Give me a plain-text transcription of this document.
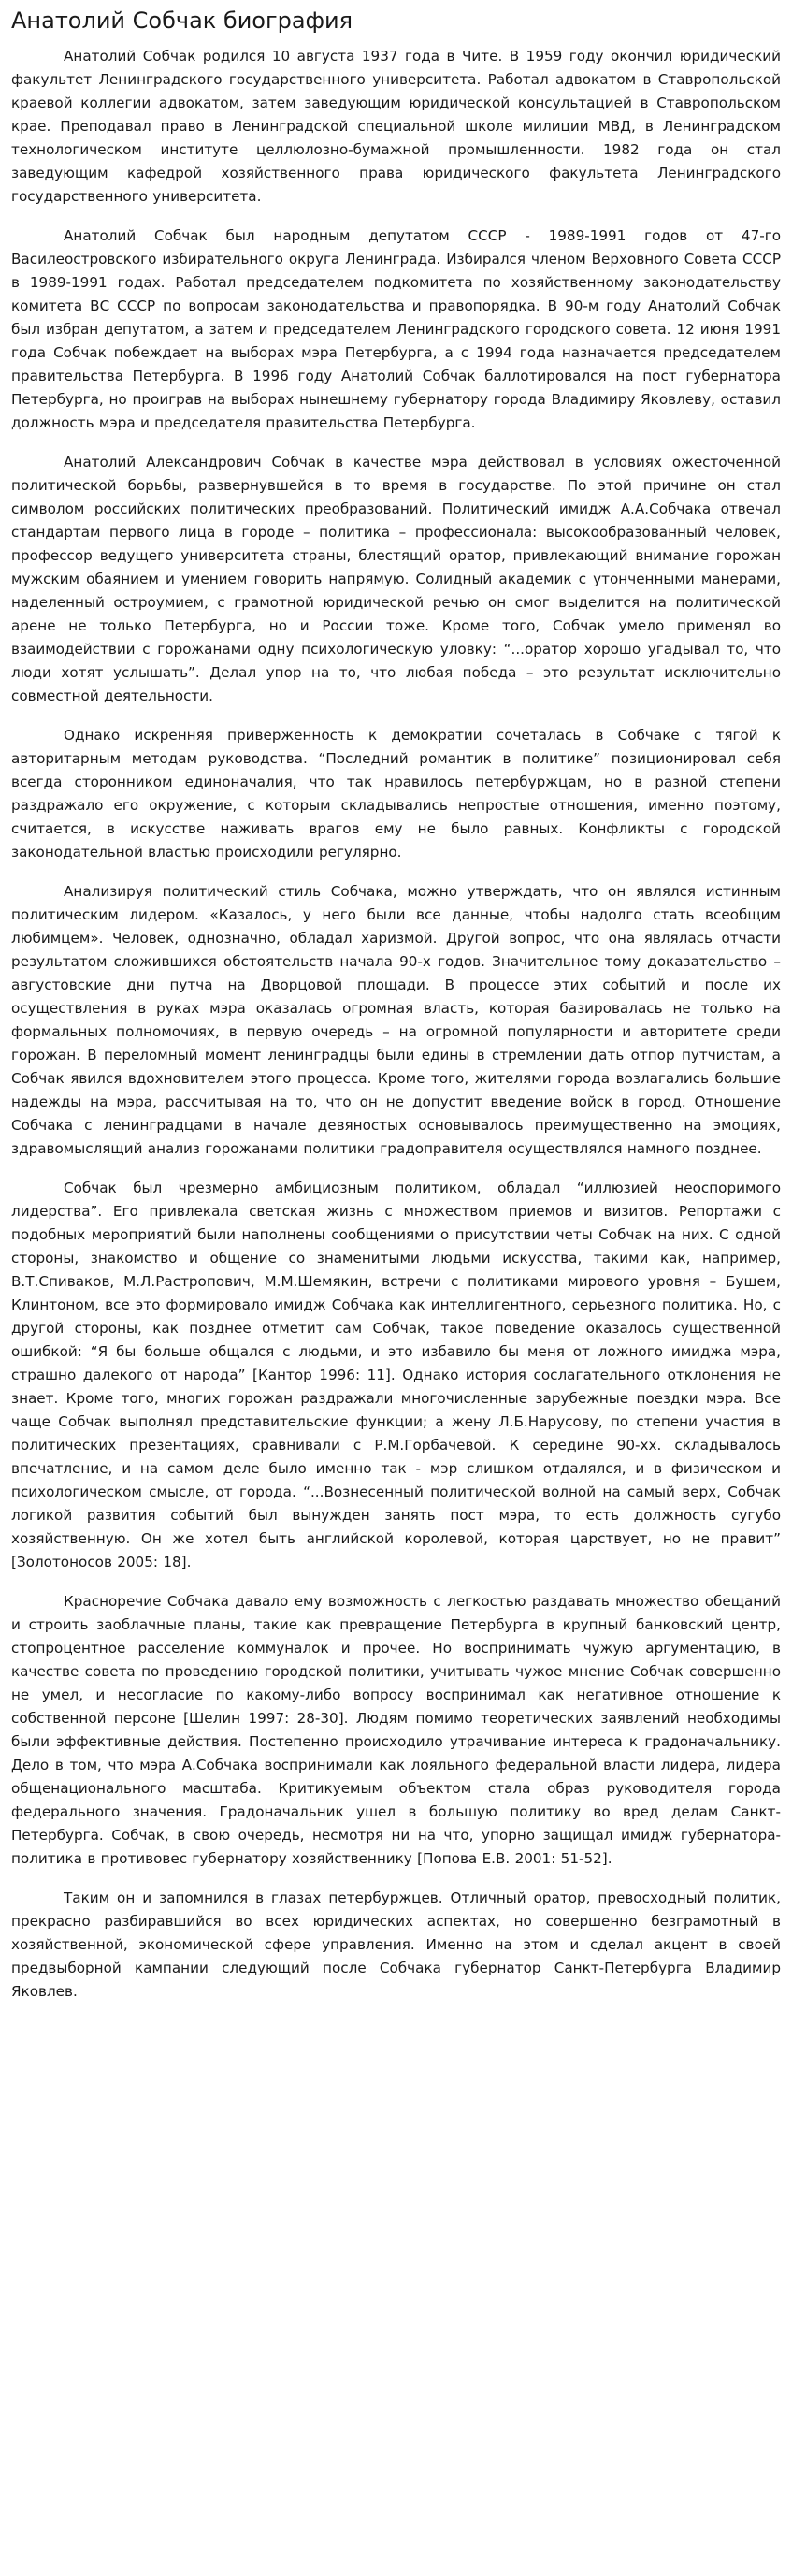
Анатолий Собчак биография

Анатолий Собчак родился 10 августа 1937 года в Чите. В 1959 году окончил юридический факультет Ленинградского государственного университета. Работал адвокатом в Ставропольской краевой коллегии адвокатом, затем заведующим юридической консультацией в Ставропольском крае. Преподавал право в Ленинградской специальной школе милиции МВД, в Ленинградском технологическом институте целлюлозно-бумажной промышленности. 1982 года он стал заведующим кафедрой хозяйственного права юридического факультета Ленинградского государственного университета.

Анатолий Собчак был народным депутатом СССР - 1989-1991 годов от 47-го Василеостровского избирательного округа Ленинграда. Избирался членом Верховного Совета СССР в 1989-1991 годах. Работал председателем подкомитета по хозяйственному законодательству комитета ВС СССР по вопросам законодательства и правопорядка. В 90-м году Анатолий Собчак был избран депутатом, а затем и председателем Ленинградского городского совета. 12 июня 1991 года Собчак побеждает на выборах мэра Петербурга, а с 1994 года назначается председателем правительства Петербурга. В 1996 году Анатолий Собчак баллотировался на пост губернатора Петербурга, но проиграв на выборах нынешнему губернатору города Владимиру Яковлеву, оставил должность мэра и председателя правительства Петербурга.

Анатолий Александрович Собчак в качестве мэра действовал в условиях ожесточенной политической борьбы, развернувшейся в то время в государстве. По этой причине он стал символом российских политических преобразований. Политический имидж А.А.Собчака отвечал стандартам первого лица в городе – политика – профессионала: высокообразованный человек, профессор ведущего университета страны, блестящий оратор, привлекающий внимание горожан мужским обаянием и умением говорить напрямую. Солидный академик с утонченными манерами, наделенный остроумием, с грамотной юридической речью он смог выделится на политической арене не только Петербурга, но и России тоже. Кроме того, Собчак умело применял во взаимодействии с горожанами одну психологическую уловку: “...оратор хорошо угадывал то, что люди хотят услышать”. Делал упор на то, что любая победа – это результат исключительно совместной деятельности.

Однако искренняя приверженность к демократии сочеталась в Собчаке с тягой к авторитарным методам руководства. “Последний романтик в политике” позиционировал себя всегда сторонником единоначалия, что так нравилось петербуржцам, но в разной степени раздражало его окружение, с которым складывались непростые отношения, именно поэтому, считается, в искусстве наживать врагов ему не было равных. Конфликты с городской законодательной властью происходили регулярно.

Анализируя политический стиль Собчака, можно утверждать, что он являлся истинным политическим лидером. «Казалось, у него были все данные, чтобы надолго стать всеобщим любимцем». Человек, однозначно, обладал харизмой. Другой вопрос, что она являлась отчасти результатом сложившихся обстоятельств начала 90-х годов. Значительное тому доказательство – августовские дни путча на Дворцовой площади. В процессе этих событий и после их осуществления в руках мэра оказалась огромная власть, которая базировалась не только на формальных полномочиях, в первую очередь – на огромной популярности и авторитете среди горожан. В переломный момент ленинградцы были едины в стремлении дать отпор путчистам, а Собчак явился вдохновителем этого процесса. Кроме того, жителями города возлагались большие надежды на мэра, рассчитывая на то, что он не допустит введение войск в город. Отношение Собчака с ленинградцами в начале девяностых основывалось преимущественно на эмоциях, здравомыслящий анализ горожанами политики градоправителя осуществлялся намного позднее.

Собчак был чрезмерно амбициозным политиком, обладал “иллюзией неоспоримого лидерства”. Его привлекала светская жизнь с множеством приемов и визитов. Репортажи с подобных мероприятий были наполнены сообщениями о присутствии четы Собчак на них. С одной стороны, знакомство и общение со знаменитыми людьми искусства, такими как, например, В.Т.Спиваков, М.Л.Растропович, М.М.Шемякин, встречи с политиками мирового уровня – Бушем, Клинтоном, все это формировало имидж Собчака как интеллигентного, серьезного политика. Но, с другой стороны, как позднее отметит сам Собчак, такое поведение оказалось существенной ошибкой: “Я бы больше общался с людьми, и это избавило бы меня от ложного имиджа мэра, страшно далекого от народа” [Кантор 1996: 11]. Однако история сослагательного отклонения не знает. Кроме того, многих горожан раздражали многочисленные зарубежные поездки мэра. Все чаще Собчак выполнял представительские функции; а жену Л.Б.Нарусову, по степени участия в политических презентациях, сравнивали с Р.М.Горбачевой. К середине 90-хх. складывалось впечатление, и на самом деле было именно так - мэр слишком отдалялся, и в физическом и психологическом смысле, от города. “...Вознесенный политической волной на самый верх, Собчак логикой развития событий был вынужден занять пост мэра, то есть должность сугубо хозяйственную. Он же хотел быть английской королевой, которая царствует, но не правит” [Золотоносов 2005: 18].

Красноречие Собчака давало ему возможность с легкостью раздавать множество обещаний и строить заоблачные планы, такие как превращение Петербурга в крупный банковский центр, стопроцентное расселение коммуналок и прочее. Но воспринимать чужую аргументацию, в качестве совета по проведению городской политики, учитывать чужое мнение Собчак совершенно не умел, и несогласие по какому-либо вопросу воспринимал как негативное отношение к собственной персоне [Шелин 1997: 28-30]. Людям помимо теоретических заявлений необходимы были эффективные действия. Постепенно происходило утрачивание интереса к градоначальнику. Дело в том, что мэра А.Собчака воспринимали как лояльного федеральной власти лидера, лидера общенационального масштаба. Критикуемым объектом стала образ руководителя города федерального значения. Градоначальник ушел в большую политику во вред делам Санкт-Петербурга. Собчак, в свою очередь, несмотря ни на что, упорно защищал имидж губернатора-политика в противовес губернатору хозяйственнику [Попова Е.В. 2001: 51-52].

Таким он и запомнился в глазах петербуржцев. Отличный оратор, превосходный политик, прекрасно разбиравшийся во всех юридических аспектах, но совершенно безграмотный в хозяйственной, экономической сфере управления. Именно на этом и сделал акцент в своей предвыборной кампании следующий после Собчака губернатор Санкт-Петербурга Владимир Яковлев.
